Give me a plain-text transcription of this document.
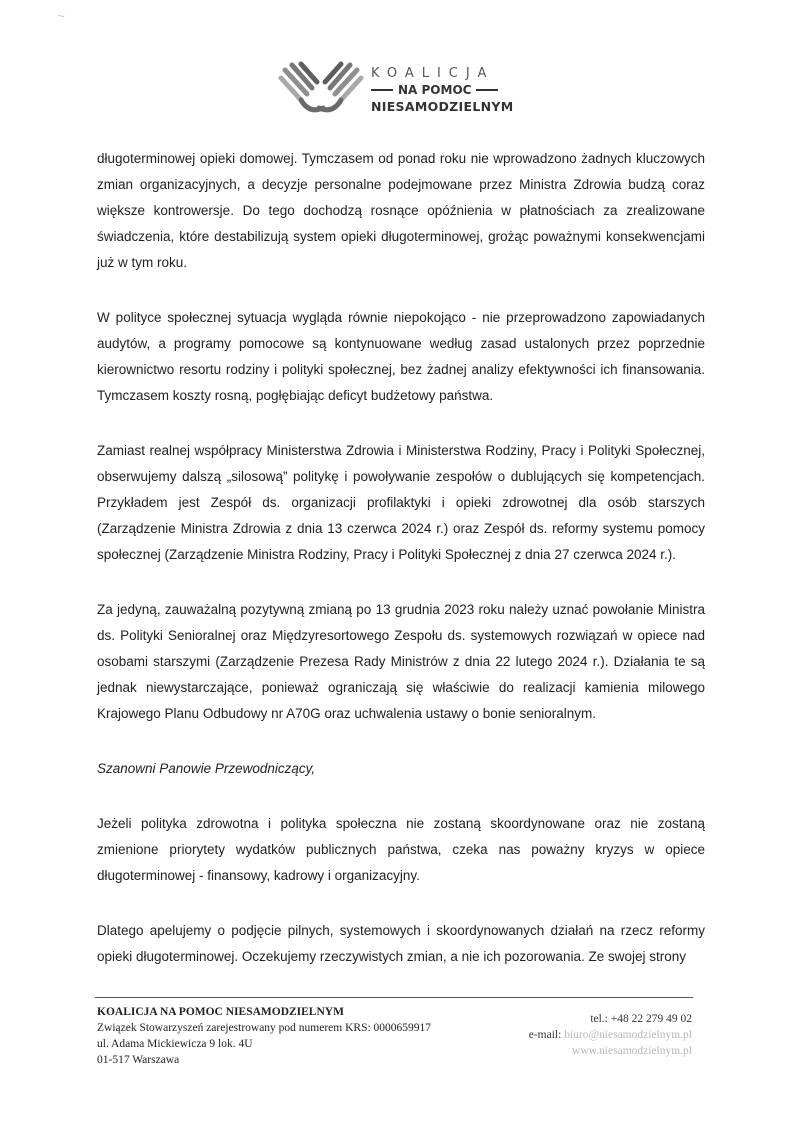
~
KOALICJA
NA POMOC
NIESAMODZIELNYM

długoterminowej opieki domowej. Tymczasem od ponad roku nie wprowadzono żadnych kluczowych zmian organizacyjnych, a decyzje personalne podejmowane przez Ministra Zdrowia budzą coraz większe kontrowersje. Do tego dochodzą rosnące opóźnienia w płatnościach za zrealizowane świadczenia, które destabilizują system opieki długoterminowej, grożąc poważnymi konsekwencjami już w tym roku.

W polityce społecznej sytuacja wygląda równie niepokojąco - nie przeprowadzono zapowiadanych audytów, a programy pomocowe są kontynuowane według zasad ustalonych przez poprzednie kierownictwo resortu rodziny i polityki społecznej, bez żadnej analizy efektywności ich finansowania. Tymczasem koszty rosną, pogłębiając deficyt budżetowy państwa.

Zamiast realnej współpracy Ministerstwa Zdrowia i Ministerstwa Rodziny, Pracy i Polityki Społecznej, obserwujemy dalszą „silosową” politykę i powoływanie zespołów o dublujących się kompetencjach. Przykładem jest Zespół ds. organizacji profilaktyki i opieki zdrowotnej dla osób starszych (Zarządzenie Ministra Zdrowia z dnia 13 czerwca 2024 r.) oraz Zespół ds. reformy systemu pomocy społecznej (Zarządzenie Ministra Rodziny, Pracy i Polityki Społecznej z dnia 27 czerwca 2024 r.).

Za jedyną, zauważalną pozytywną zmianą po 13 grudnia 2023 roku należy uznać powołanie Ministra ds. Polityki Senioralnej oraz Międzyresortowego Zespołu ds. systemowych rozwiązań w opiece nad osobami starszymi (Zarządzenie Prezesa Rady Ministrów z dnia 22 lutego 2024 r.). Działania te są jednak niewystarczające, ponieważ ograniczają się właściwie do realizacji kamienia milowego Krajowego Planu Odbudowy nr A70G oraz uchwalenia ustawy o bonie senioralnym.

Szanowni Panowie Przewodniczący,

Jeżeli polityka zdrowotna i polityka społeczna nie zostaną skoordynowane oraz nie zostaną zmienione priorytety wydatków publicznych państwa, czeka nas poważny kryzys w opiece długoterminowej - finansowy, kadrowy i organizacyjny.

Dlatego apelujemy o podjęcie pilnych, systemowych i skoordynowanych działań na rzecz reformy opieki długoterminowej. Oczekujemy rzeczywistych zmian, a nie ich pozorowania. Ze swojej strony

KOALICJA NA POMOC NIESAMODZIELNYM
Związek Stowarzyszeń zarejestrowany pod numerem KRS: 0000659917
ul. Adama Mickiewicza 9 lok. 4U
01-517 Warszawa
tel.: +48 22 279 49 02
e-mail: biuro@niesamodzielnym.pl
www.niesamodzielnym.pl
